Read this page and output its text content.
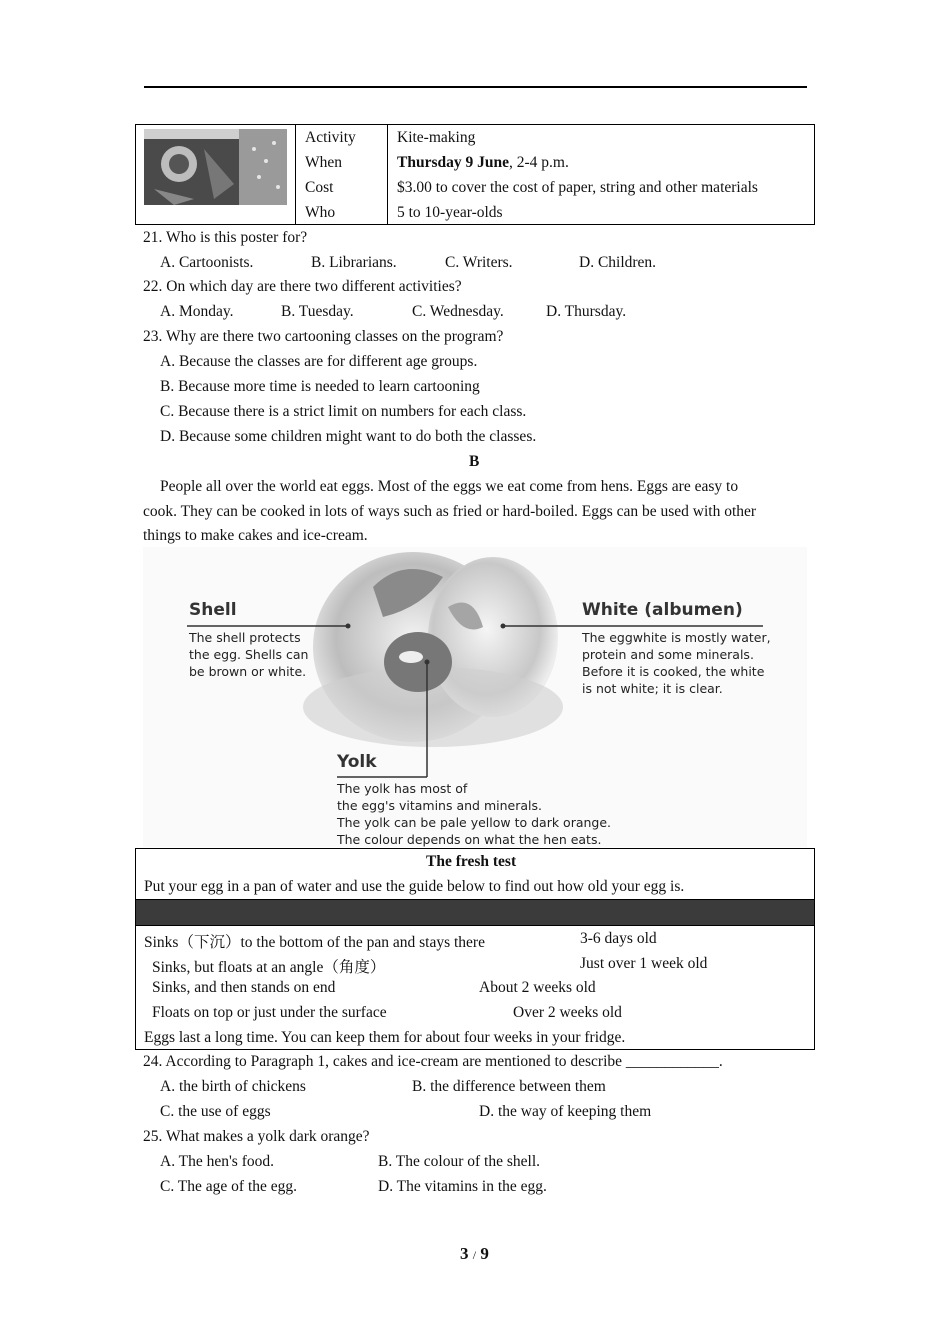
Activity	Kite-making
When	Thursday 9 June, 2-4 p.m.
Cost	$3.00 to cover the cost of paper, string and other materials
Who	5 to 10-year-olds
21. Who is this poster for?
A. Cartoonists.	B. Librarians.	C. Writers.	D. Children.
22. On which day are there two different activities?
A. Monday.	B. Tuesday.	C. Wednesday.	D. Thursday.
23. Why are there two cartooning classes on the program?
A. Because the classes are for different age groups.
B. Because more time is needed to learn cartooning
C. Because there is a strict limit on numbers for each class.
D. Because some children might want to do both the classes.
B
People all over the world eat eggs. Most of the eggs we eat come from hens. Eggs are easy to
cook. They can be cooked in lots of ways such as fried or hard-boiled. Eggs can be used with other
things to make cakes and ice-cream.
Shell
The shell protects
the egg. Shells can
be brown or white.
White (albumen)
The eggwhite is mostly water,
protein and some minerals.
Before it is cooked, the white
is not white; it is clear.
Yolk
The yolk has most of
the egg's vitamins and minerals.
The yolk can be pale yellow to dark orange.
The colour depends on what the hen eats.
The fresh test
Put your egg in a pan of water and use the guide below to find out how old your egg is.
Sinks（下沉）to the bottom of the pan and stays there	3-6 days old
Sinks, but floats at an angle（角度）	Just over 1 week old
Sinks, and then stands on end	About 2 weeks old
Floats on top or just under the surface	Over 2 weeks old
Eggs last a long time. You can keep them for about four weeks in your fridge.
24. According to Paragraph 1, cakes and ice-cream are mentioned to describe ____________.
A. the birth of chickens	B. the difference between them
C. the use of eggs	D. the way of keeping them
25. What makes a yolk dark orange?
A. The hen's food.	B. The colour of the shell.
C. The age of the egg.	D. The vitamins in the egg.
3 / 9
